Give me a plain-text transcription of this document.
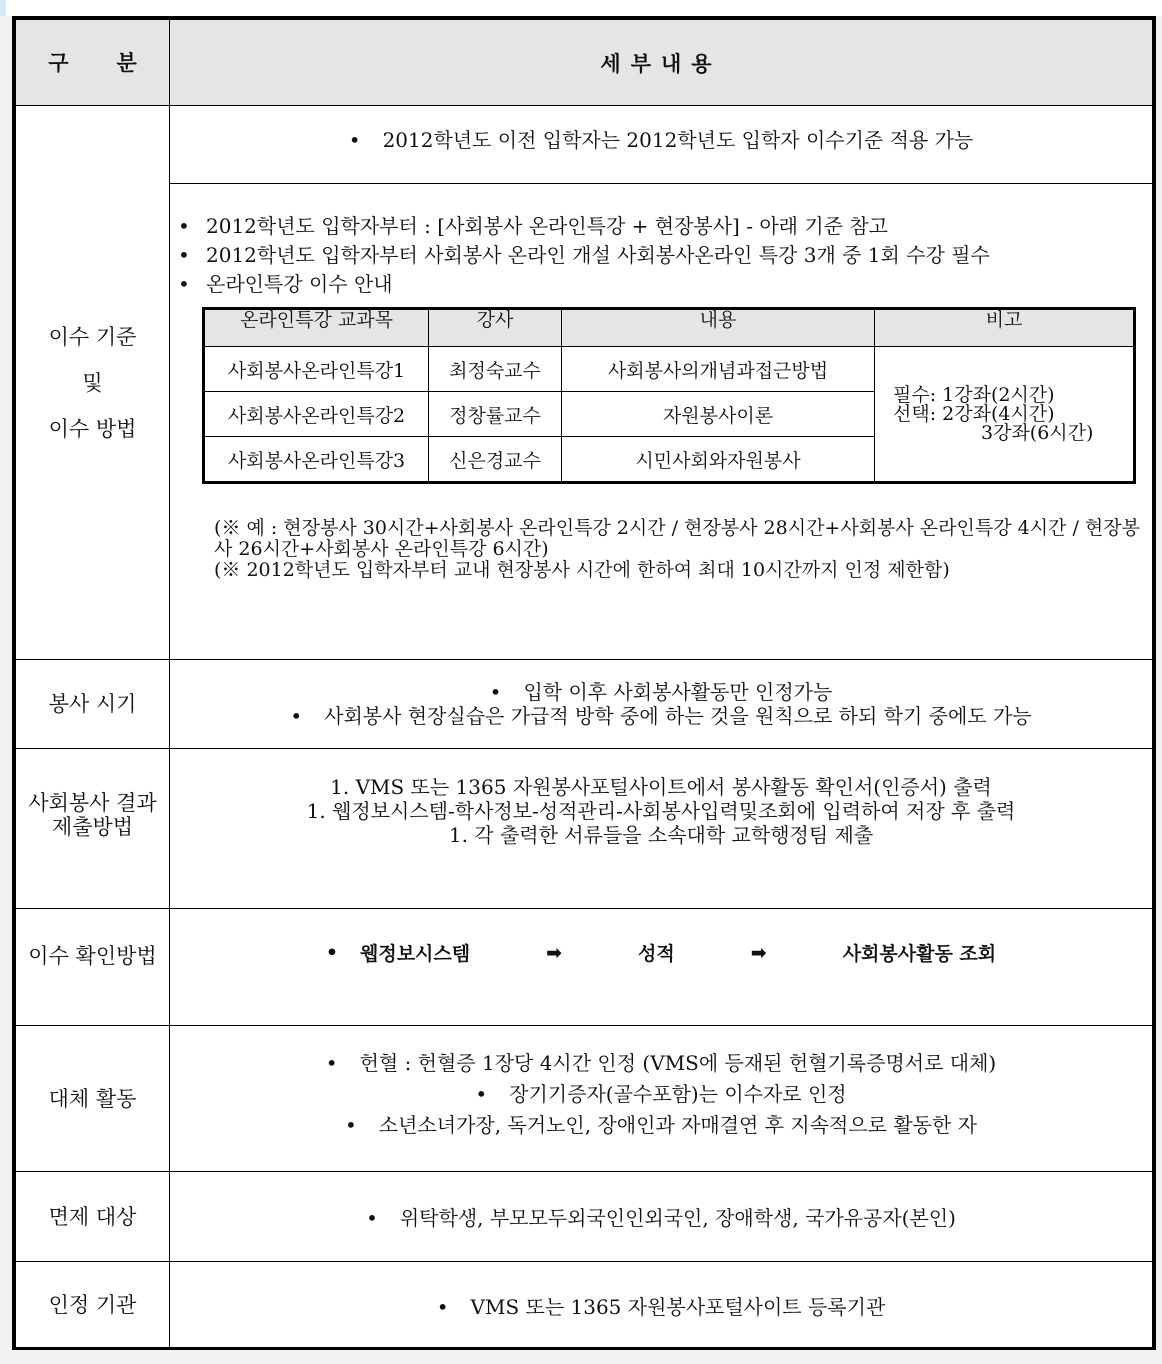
구 분	세부내용

이수 기준
및
이수 방법
	• 2012학년도 이전 입학자는 2012학년도 입학자 이수기준 적용 가능

• 2012학년도 입학자부터 : [사회봉사 온라인특강 + 현장봉사] - 아래 기준 참고
• 2012학년도 입학자부터 사회봉사 온라인 개설 사회봉사온라인 특강 3개 중 1회 수강 필수
• 온라인특강 이수 안내
온라인특강 교과목	강사	내용	비고
사회봉사온라인특강1	최정숙교수	사회봉사의개념과접근방법	
필수: 1강좌(2시간)
선택: 2강좌(4시간)
3강좌(6시간)

사회봉사온라인특강2	정창률교수	자원봉사이론
사회봉사온라인특강3	신은경교수	시민사회와자원봉사

(※ 예 : 현장봉사 30시간+사회봉사 온라인특강 2시간 / 현장봉사 28시간+사회봉사 온라인특강 4시간 / 현장봉사 26시간+사회봉사 온라인특강 6시간)

(※ 2012학년도 입학자부터 교내 현장봉사 시간에 한하여 최대 10시간까지 인정 제한함)

봉사 시기	
•입학 이후 사회봉사활동만 인정가능
• 사회봉사 현장실습은 가급적 방학 중에 하는 것을 원칙으로 하되 학기 중에도 가능

사회봉사 결과
제출방법

1. VMS 또는 1365 자원봉사포털사이트에서 봉사활동 확인서(인증서) 출력
1. 웹정보시스템-학사정보-성적관리-사회봉사입력및조회에 입력하여 저장 후 출력
1. 각 출력한 서류들을 소속대학 교학행정팀 제출

이수 확인방법	
•웹정보시스템	➡	성적	➡	사회봉사활동 조회

대체 활동	
• 헌혈 : 헌혈증 1장당 4시간 인정 (VMS에 등재된 헌혈기록증명서로 대체)
• 장기기증자(골수포함)는 이수자로 인정
• 소년소녀가장, 독거노인, 장애인과 자매결연 후 지속적으로 활동한 자

면제 대상	•위탁학생, 부모모두외국인인외국인, 장애학생, 국가유공자(본인)
인정 기관	•VMS 또는 1365 자원봉사포털사이트 등록기관
